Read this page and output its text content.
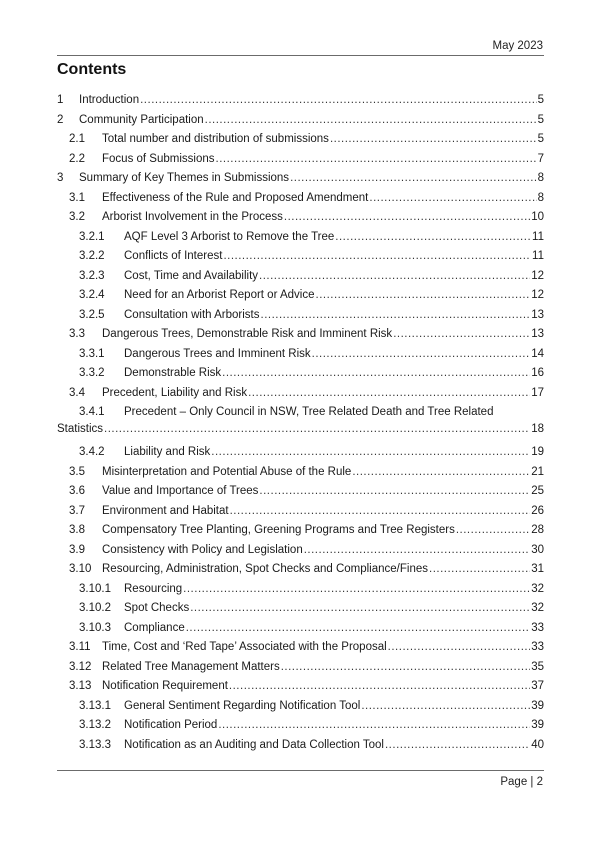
May 2023
Contents
1	Introduction .....	5
2	Community Participation .....	5
2.1	Total number and distribution of submissions .....	5
2.2	Focus of Submissions .....	7
3	Summary of Key Themes in Submissions .....	8
3.1	Effectiveness of the Rule and Proposed Amendment .....	8
3.2	Arborist Involvement in the Process .....	10
3.2.1	AQF Level 3 Arborist to Remove the Tree .....	11
3.2.2	Conflicts of Interest .....	11
3.2.3	Cost, Time and Availability .....	12
3.2.4	Need for an Arborist Report or Advice .....	12
3.2.5	Consultation with Arborists .....	13
3.3	Dangerous Trees, Demonstrable Risk and Imminent Risk .....	13
3.3.1	Dangerous Trees and Imminent Risk .....	14
3.3.2	Demonstrable Risk .....	16
3.4	Precedent, Liability and Risk .....	17
3.4.1 Precedent – Only Council in NSW, Tree Related Death and Tree Related
Statistics .....	18
3.4.2	Liability and Risk .....	19
3.5	Misinterpretation and Potential Abuse of the Rule .....	21
3.6	Value and Importance of Trees .....	25
3.7	Environment and Habitat .....	26
3.8	Compensatory Tree Planting, Greening Programs and Tree Registers .....	28
3.9	Consistency with Policy and Legislation .....	30
3.10 Resourcing, Administration, Spot Checks and Compliance/Fines .....	31
3.10.1	Resourcing .....	32
3.10.2	Spot Checks .....	32
3.10.3	Compliance .....	33
3.11 Time, Cost and ‘Red Tape’ Associated with the Proposal .....	33
3.12 Related Tree Management Matters .....	35
3.13 Notification Requirement .....	37
3.13.1	General Sentiment Regarding Notification Tool .....	39
3.13.2	Notification Period .....	39
3.13.3	Notification as an Auditing and Data Collection Tool .....	40
Page | 2
